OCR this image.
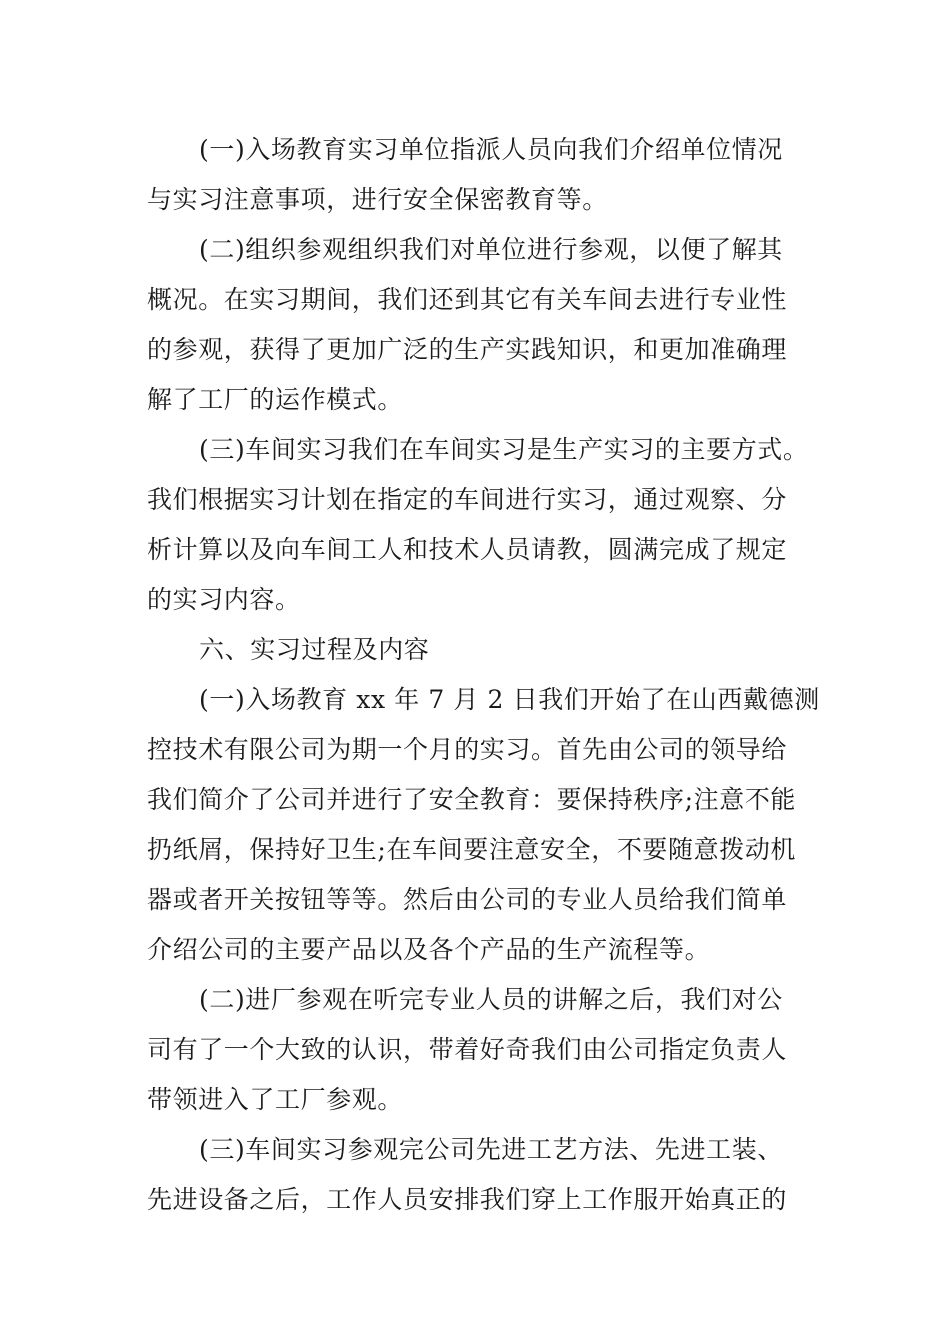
(一)入场教育实习单位指派人员向我们介绍单位情况
与实习注意事项，进行安全保密教育等。
(二)组织参观组织我们对单位进行参观，以便了解其
概况。在实习期间，我们还到其它有关车间去进行专业性
的参观，获得了更加广泛的生产实践知识，和更加准确理
解了工厂的运作模式。
(三)车间实习我们在车间实习是生产实习的主要方式。
我们根据实习计划在指定的车间进行实习，通过观察、分
析计算以及向车间工人和技术人员请教，圆满完成了规定
的实习内容。
六、实习过程及内容
(一)入场教育 xx 年 7 月 2 日我们开始了在山西戴德测
控技术有限公司为期一个月的实习。首先由公司的领导给
我们简介了公司并进行了安全教育：要保持秩序;注意不能
扔纸屑，保持好卫生;在车间要注意安全，不要随意拨动机
器或者开关按钮等等。然后由公司的专业人员给我们简单
介绍公司的主要产品以及各个产品的生产流程等。
(二)进厂参观在听完专业人员的讲解之后，我们对公
司有了一个大致的认识，带着好奇我们由公司指定负责人
带领进入了工厂参观。
(三)车间实习参观完公司先进工艺方法、先进工装、
先进设备之后，工作人员安排我们穿上工作服开始真正的
